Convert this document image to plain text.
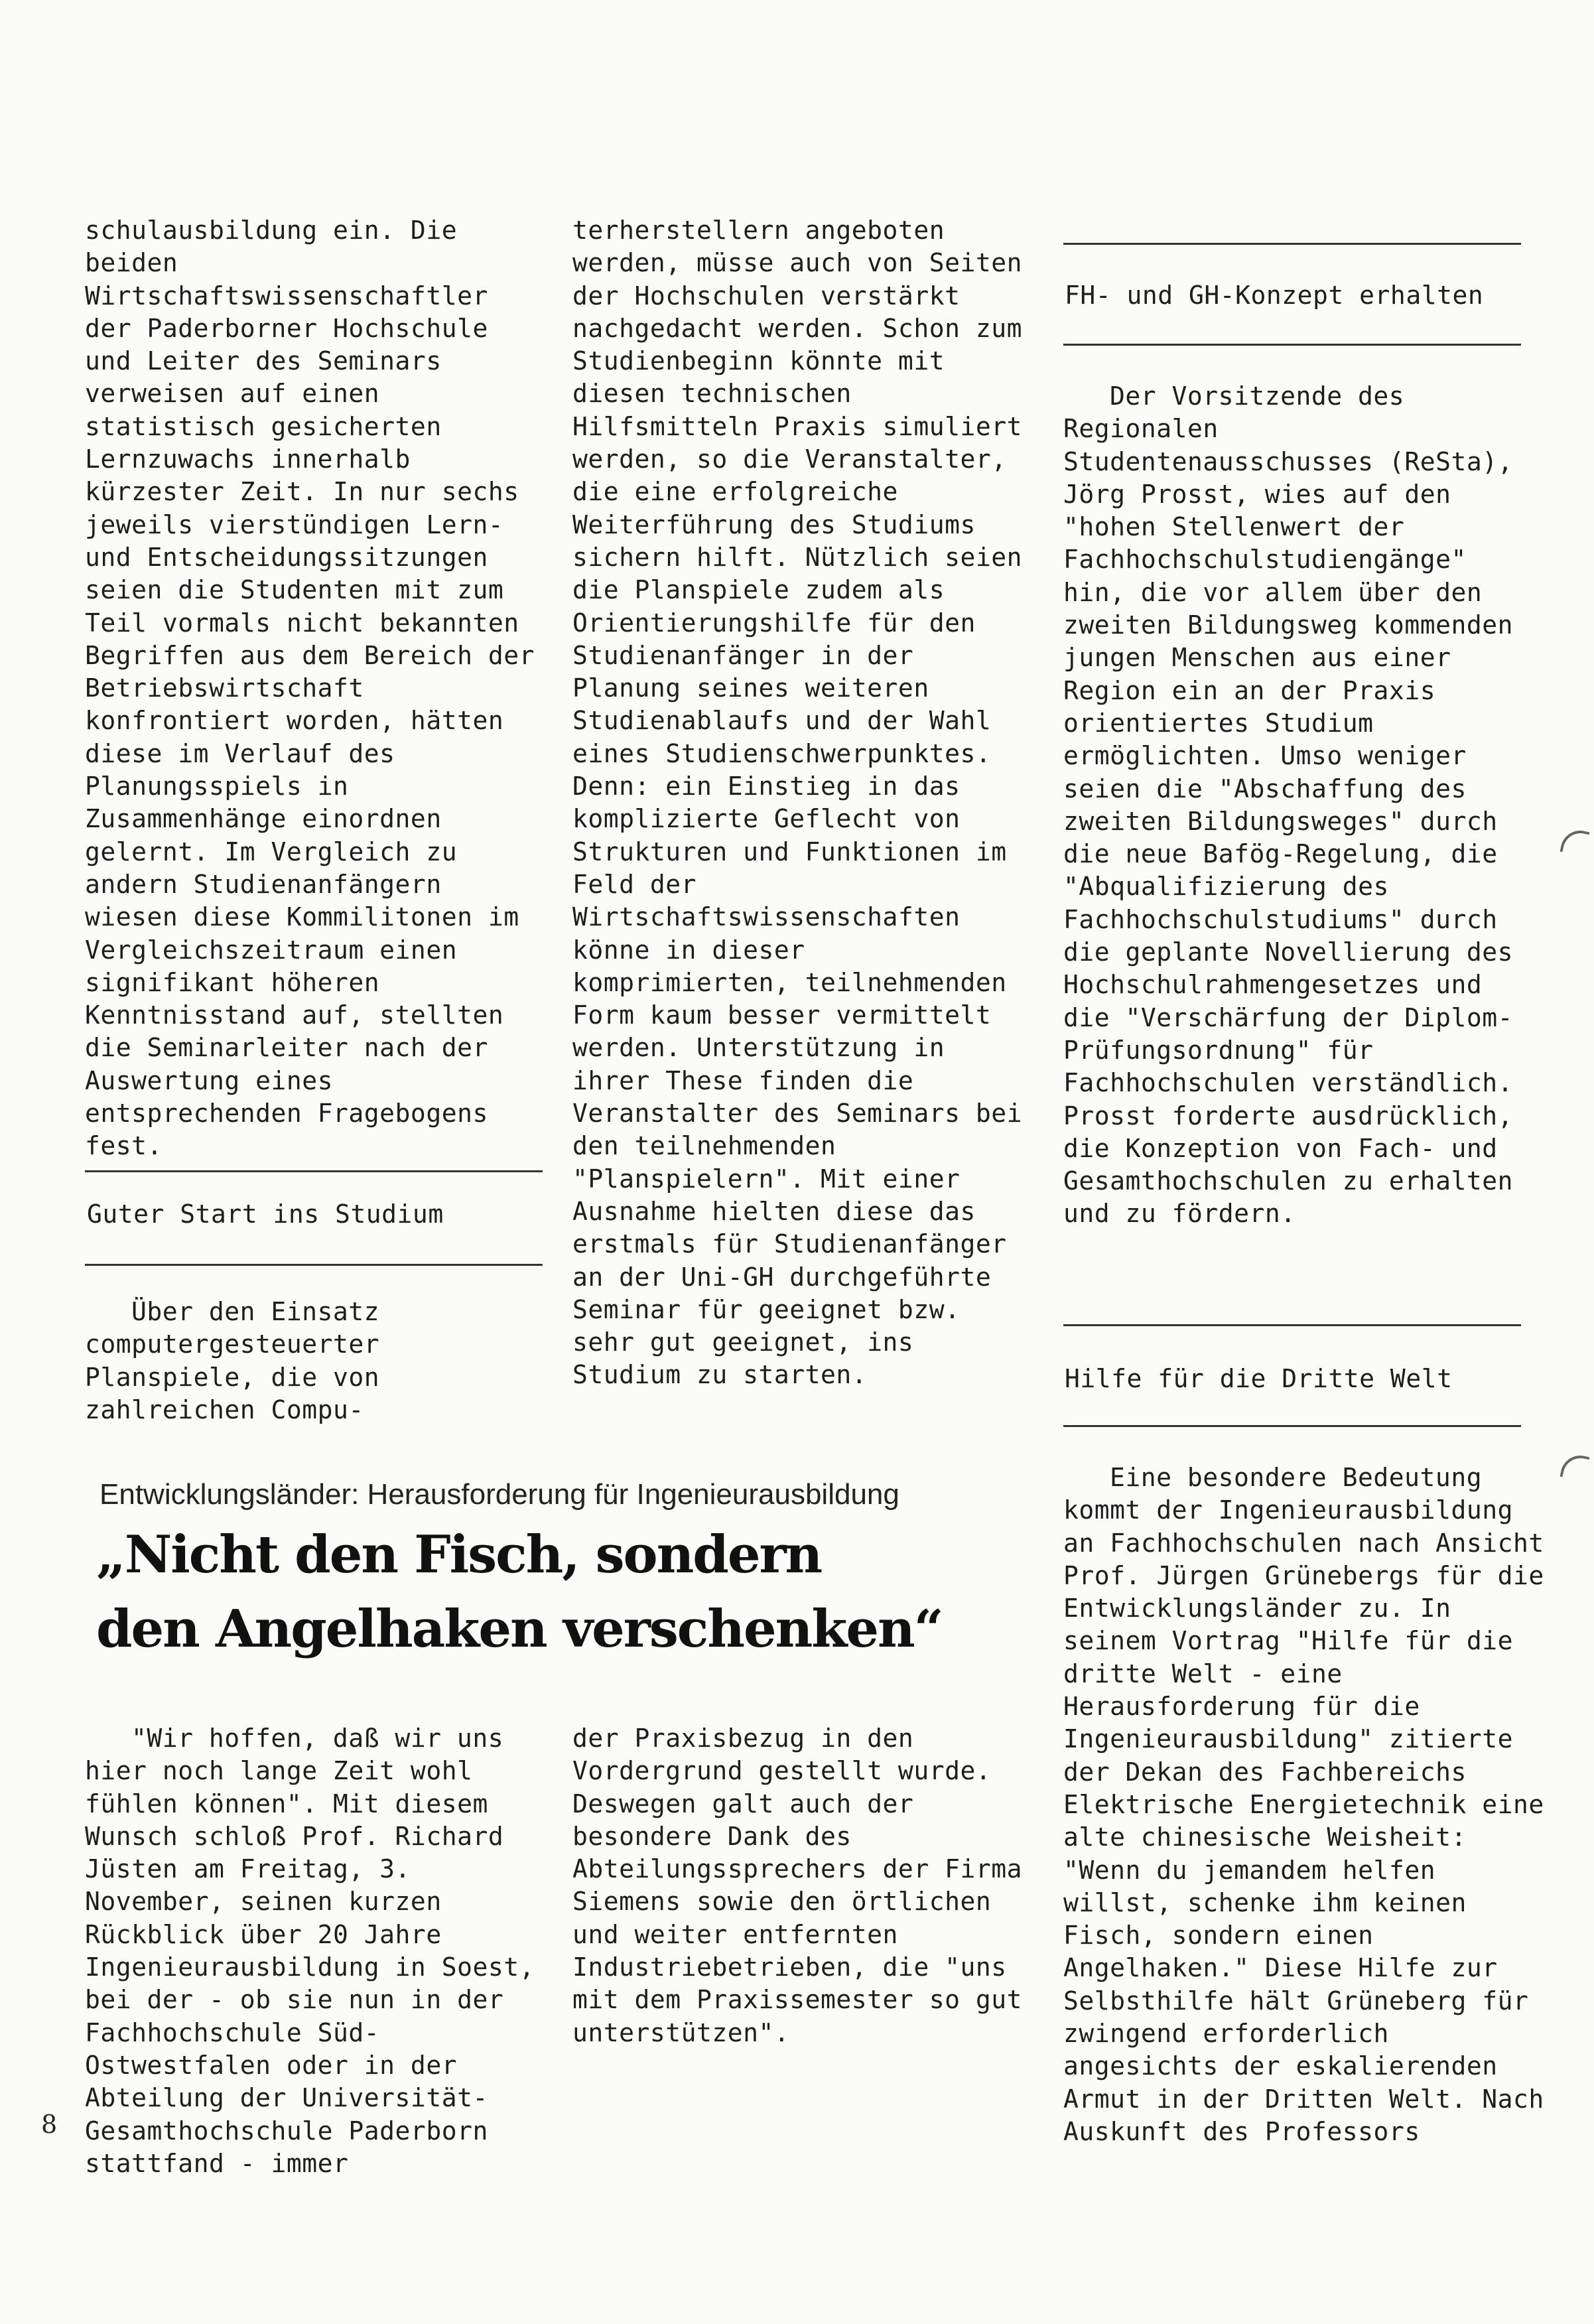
schulausbildung ein. Die beiden Wirtschaftswissenschaftler der Paderborner Hochschule und Leiter des Seminars verweisen auf einen statistisch gesicherten Lernzuwachs innerhalb kürzester Zeit. In nur sechs jeweils vierstündigen Lern- und Entscheidungssitzungen seien die Studenten mit zum Teil vormals nicht bekannten Begriffen aus dem Bereich der Betriebswirtschaft konfrontiert worden, hätten diese im Verlauf des Planungsspiels in Zusammenhänge einordnen gelernt. Im Vergleich zu andern Studienanfängern wiesen diese Kommilitonen im Vergleichszeitraum einen signifikant höheren Kenntnisstand auf, stellten die Seminarleiter nach der Auswertung eines entsprechenden Fragebogens fest.

Guter Start ins Studium

Über den Einsatz computergesteuerter Planspiele, die von zahlreichen Compu-

terherstellern angeboten werden, müsse auch von Seiten der Hochschulen verstärkt nachgedacht werden. Schon zum Studienbeginn könnte mit diesen technischen Hilfsmitteln Praxis simuliert werden, so die Veranstalter, die eine erfolgreiche Weiterführung des Studiums sichern hilft. Nützlich seien die Planspiele zudem als Orientierungshilfe für den Studienanfänger in der Planung seines weiteren Studienablaufs und der Wahl eines Studienschwerpunktes. Denn: ein Einstieg in das komplizierte Geflecht von Strukturen und Funktionen im Feld der Wirtschaftswissenschaften könne in dieser komprimierten, teilnehmenden Form kaum besser vermittelt werden. Unterstützung in ihrer These finden die Veranstalter des Seminars bei den teilnehmenden "Planspielern". Mit einer Ausnahme hielten diese das erstmals für Studienanfänger an der Uni-GH durchgeführte Seminar für geeignet bzw. sehr gut geeignet, ins Studium zu starten.

FH- und GH-Konzept erhalten

Der Vorsitzende des Regionalen Studentenausschusses (ReSta), Jörg Prosst, wies auf den "hohen Stellenwert der Fachhochschulstudiengänge" hin, die vor allem über den zweiten Bildungsweg kommenden jungen Menschen aus einer Region ein an der Praxis orientiertes Studium ermöglichten. Umso weniger seien die "Abschaffung des zweiten Bildungsweges" durch die neue Bafög-Regelung, die "Abqualifizierung des Fachhochschulstudiums" durch die geplante Novellierung des Hochschulrahmengesetzes und die "Verschärfung der Diplom-Prüfungsordnung" für Fachhochschulen verständlich. Prosst forderte ausdrücklich, die Konzeption von Fach- und Gesamthochschulen zu erhalten und zu fördern.

Hilfe für die Dritte Welt
Entwicklungsländer: Herausforderung für Ingenieurausbildung
„Nicht den Fisch, sondern
den Angelhaken verschenken“

"Wir hoffen, daß wir uns hier noch lange Zeit wohl fühlen können". Mit diesem Wunsch schloß Prof. Richard Jüsten am Freitag, 3. November, seinen kurzen Rückblick über 20 Jahre Ingenieurausbildung in Soest, bei der - ob sie nun in der Fachhochschule Süd-Ostwestfalen oder in der Abteilung der Universität-Gesamthochschule Paderborn stattfand - immer

der Praxisbezug in den Vordergrund gestellt wurde. Deswegen galt auch der besondere Dank des Abteilungssprechers der Firma Siemens sowie den örtlichen und weiter entfernten Industriebetrieben, die "uns mit dem Praxissemester so gut unterstützen".

Eine besondere Bedeutung kommt der Ingenieurausbildung an Fachhochschulen nach Ansicht Prof. Jürgen Grünebergs für die Entwicklungsländer zu. In seinem Vortrag "Hilfe für die dritte Welt - eine Herausforderung für die Ingenieurausbildung" zitierte der Dekan des Fachbereichs Elektrische Energietechnik eine alte chinesische Weisheit: "Wenn du jemandem helfen willst, schenke ihm keinen Fisch, sondern einen Angelhaken." Diese Hilfe zur Selbsthilfe hält Grüneberg für zwingend erforderlich angesichts der eskalierenden Armut in der Dritten Welt. Nach Auskunft des Professors

8
